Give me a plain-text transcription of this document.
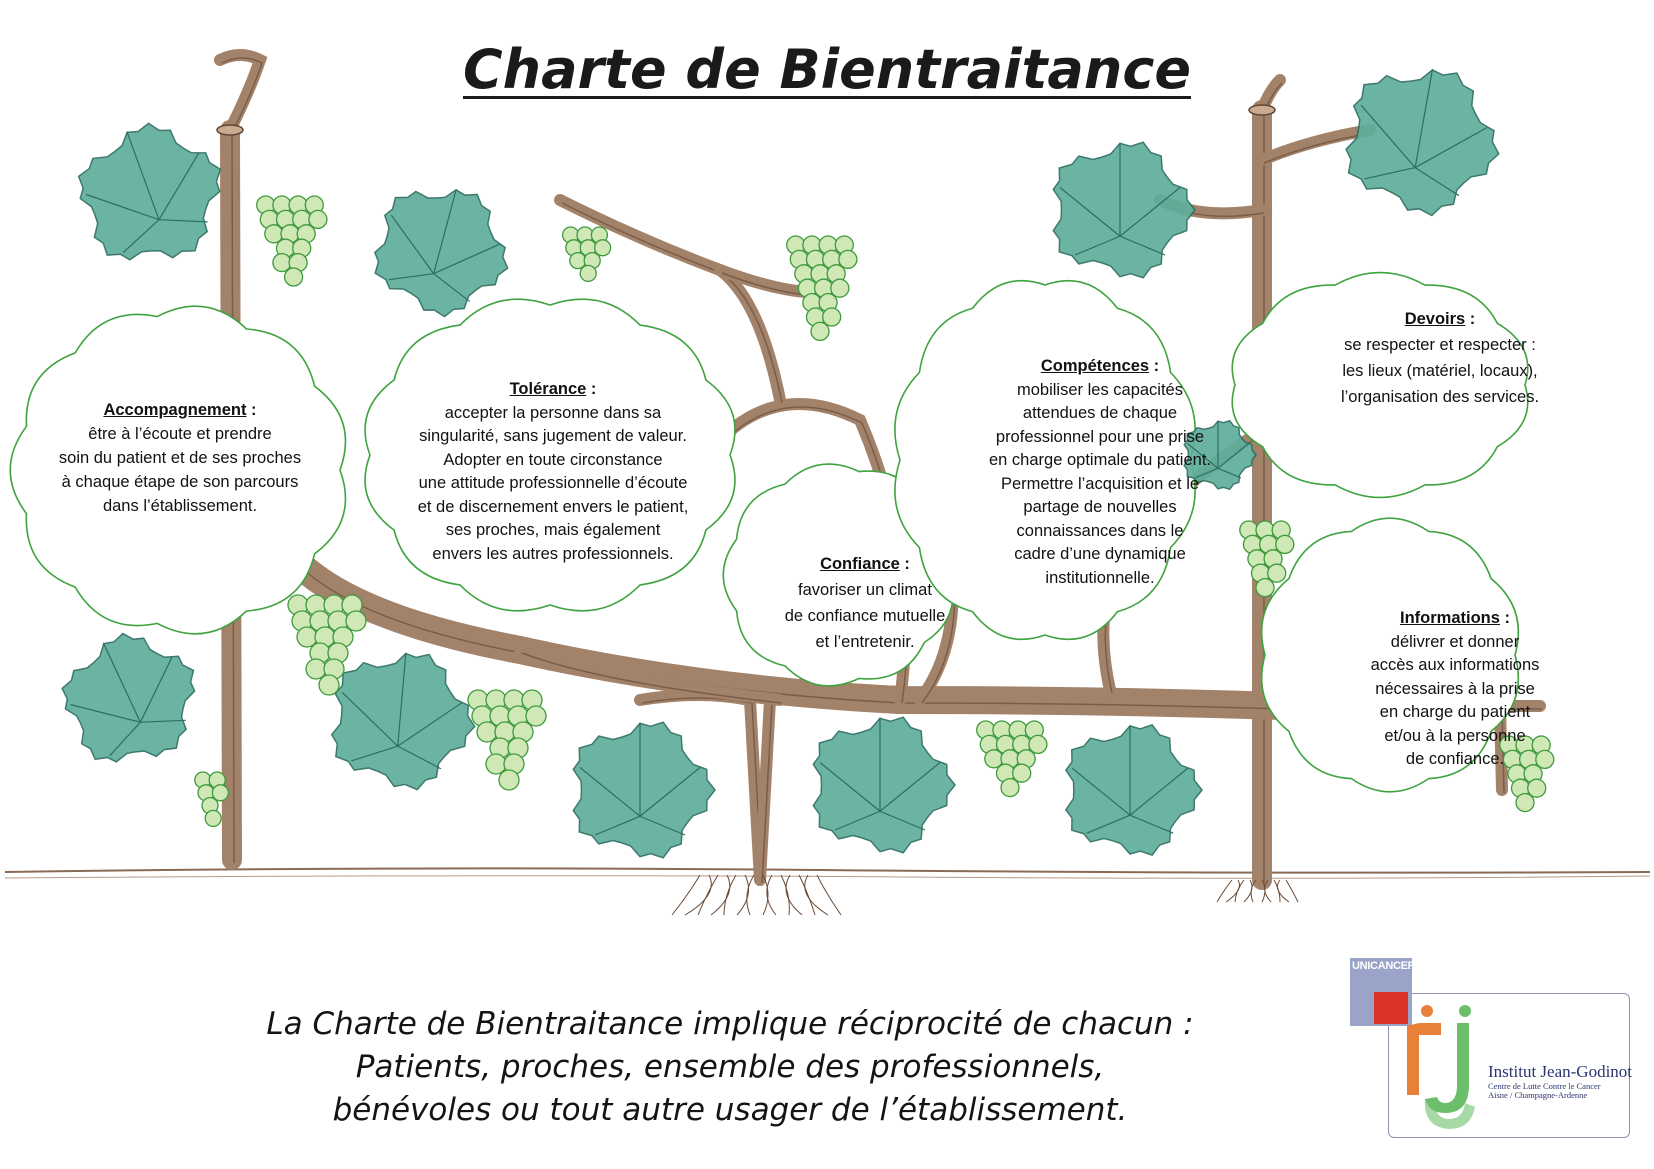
Charte de Bientraitance
Accompagnement :
être à l’écoute et prendre
soin du patient et de ses proches
à chaque étape de son parcours
dans l’établissement.
Tolérance :
accepter la personne dans sa
singularité, sans jugement de valeur.
Adopter en toute circonstance
une attitude professionnelle d’écoute
et de discernement envers le patient,
ses proches, mais également
envers les autres professionnels.
Confiance :
favoriser un climat
de confiance mutuelle
et l’entretenir.
Compétences :
mobiliser les capacités
attendues de chaque
professionnel pour une prise
en charge optimale du patient.
Permettre l’acquisition et le
partage de nouvelles
connaissances dans le
cadre d’une dynamique
institutionnelle.
Devoirs :
se respecter et respecter :
les lieux (matériel, locaux),
l’organisation des services.
Informations :
délivrer et donner
accès aux informations
nécessaires à la prise
en charge du patient
et/ou à la personne
de confiance.
La Charte de Bientraitance implique réciprocité de chacun :
Patients, proches, ensemble des professionnels,
bénévoles ou tout autre usager de l’établissement.
UNICANCER
Institut Jean-Godinot
Centre de Lutte Contre le Cancer
Aisne / Champagne-Ardenne
